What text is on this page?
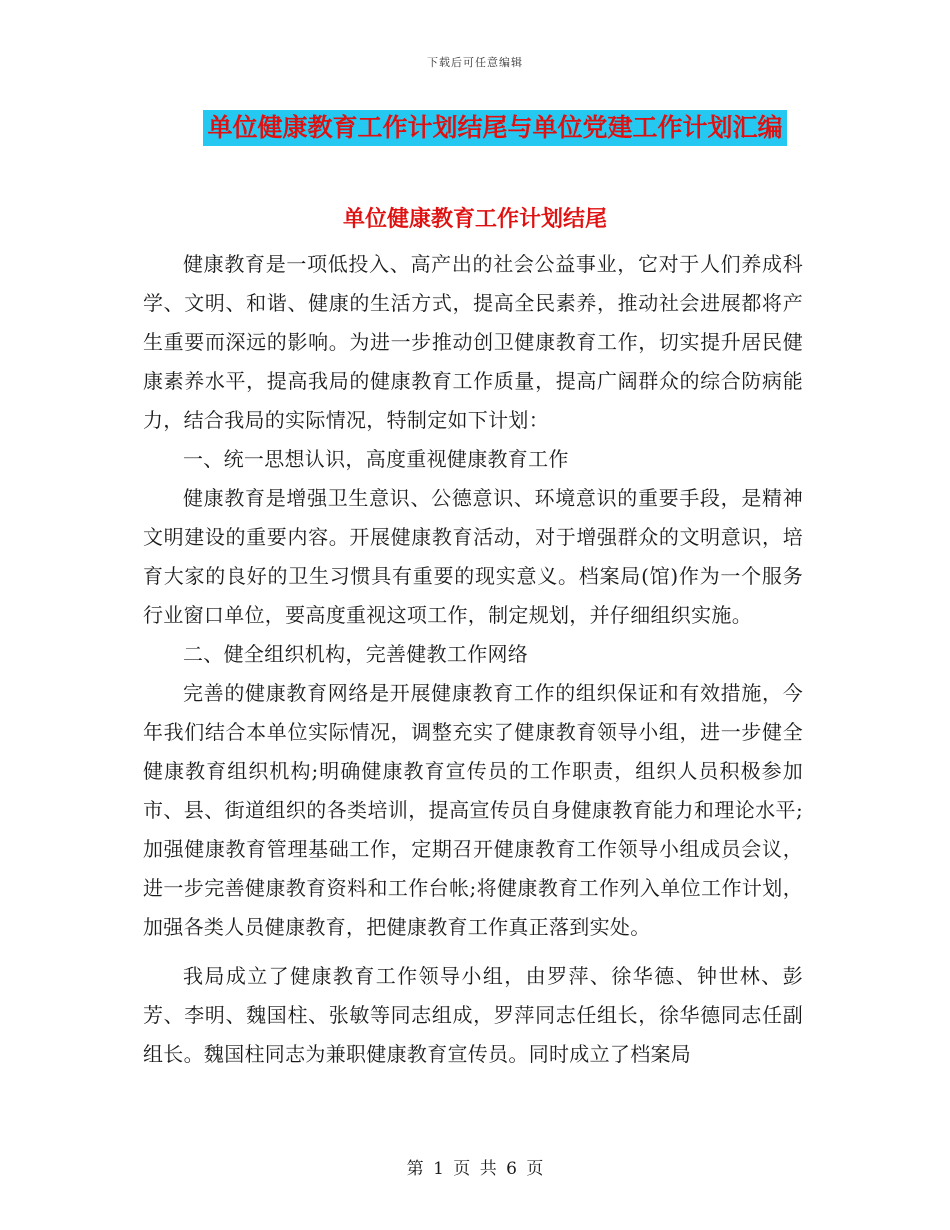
下载后可任意编辑
单位健康教育工作计划结尾与单位党建工作计划汇编
单位健康教育工作计划结尾

健康教育是一项低投入、高产出的社会公益事业，它对于人们养成科学、文明、和谐、健康的生活方式，提高全民素养，推动社会进展都将产生重要而深远的影响。为进一步推动创卫健康教育工作，切实提升居民健康素养水平，提高我局的健康教育工作质量，提高广阔群众的综合防病能力，结合我局的实际情况，特制定如下计划：

一、统一思想认识，高度重视健康教育工作

健康教育是增强卫生意识、公德意识、环境意识的重要手段，是精神文明建设的重要内容。开展健康教育活动，对于增强群众的文明意识，培育大家的良好的卫生习惯具有重要的现实意义。档案局(馆)作为一个服务行业窗口单位，要高度重视这项工作，制定规划，并仔细组织实施。

二、健全组织机构，完善健教工作网络

完善的健康教育网络是开展健康教育工作的组织保证和有效措施，今年我们结合本单位实际情况，调整充实了健康教育领导小组，进一步健全健康教育组织机构;明确健康教育宣传员的工作职责，组织人员积极参加市、县、街道组织的各类培训，提高宣传员自身健康教育能力和理论水平;加强健康教育管理基础工作，定期召开健康教育工作领导小组成员会议，进一步完善健康教育资料和工作台帐;将健康教育工作列入单位工作计划，加强各类人员健康教育，把健康教育工作真正落到实处。

我局成立了健康教育工作领导小组，由罗萍、徐华德、钟世林、彭芳、李明、魏国柱、张敏等同志组成，罗萍同志任组长，徐华德同志任副组长。魏国柱同志为兼职健康教育宣传员。同时成立了档案局

第 1 页 共 6 页
